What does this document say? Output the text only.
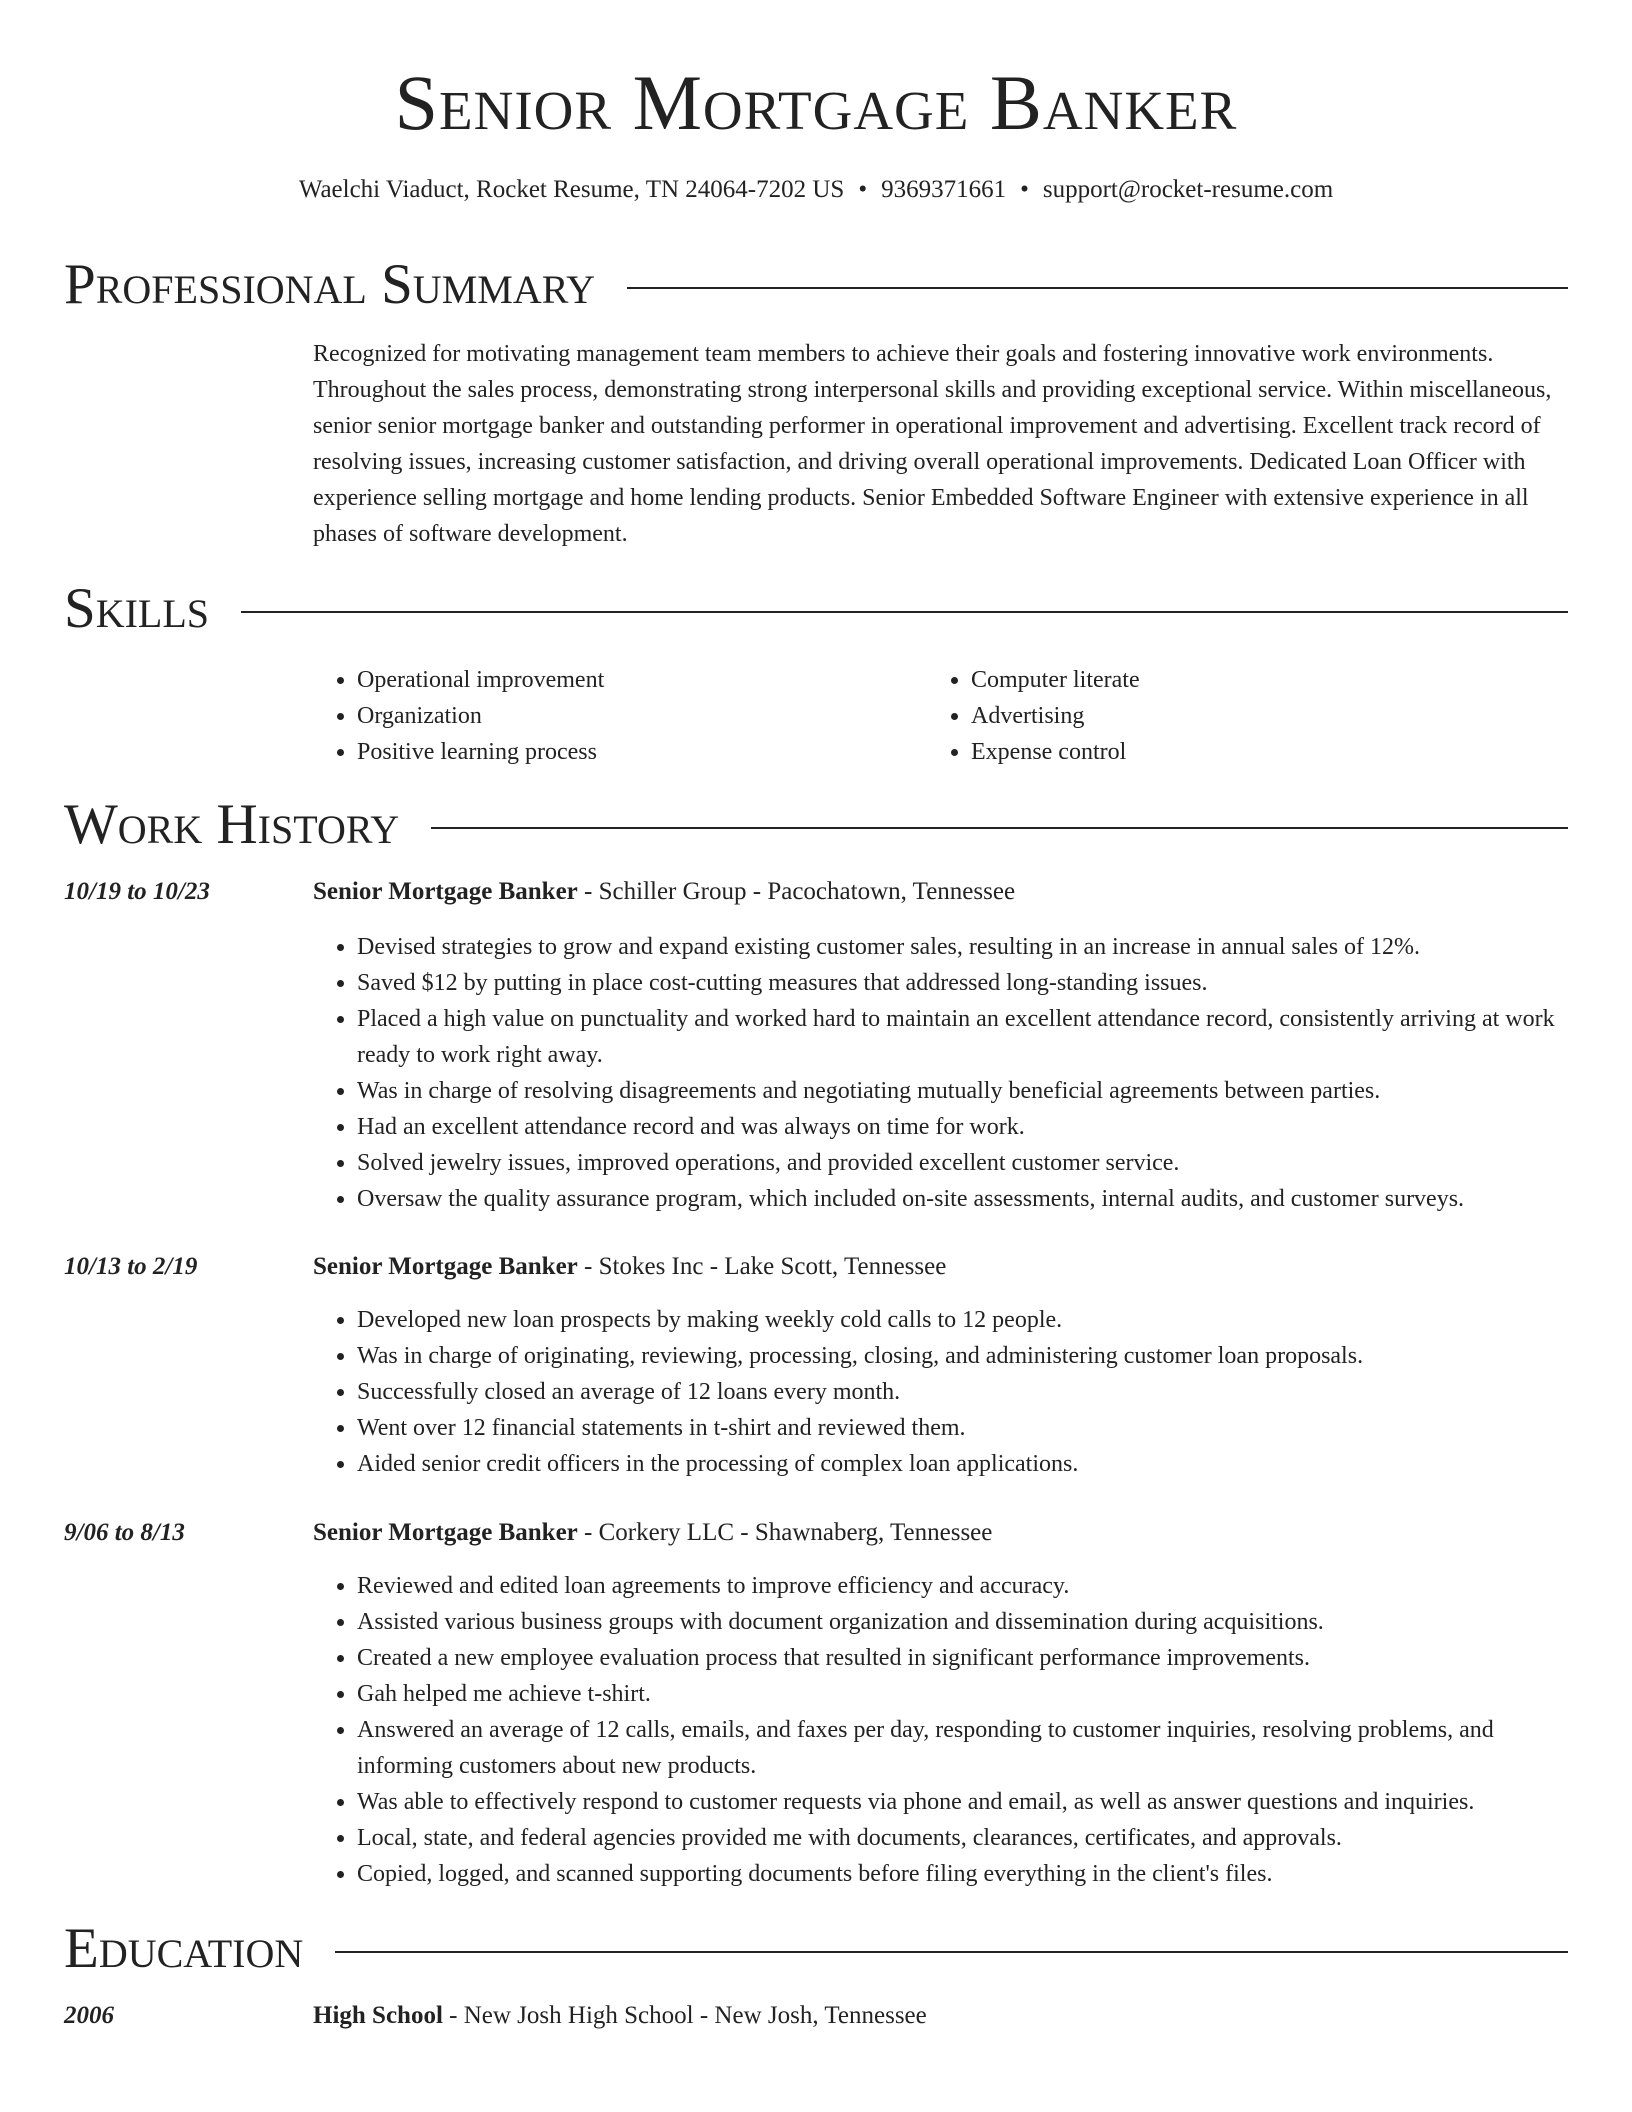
Senior Mortgage Banker
Waelchi Viaduct, Rocket Resume, TN 24064-7202 US • 9369371661 • support@rocket-resume.com
Professional Summary
Recognized for motivating management team members to achieve their goals and fostering innovative work environments. Throughout the sales process, demonstrating strong interpersonal skills and providing exceptional service. Within miscellaneous, senior senior mortgage banker and outstanding performer in operational improvement and advertising. Excellent track record of resolving issues, increasing customer satisfaction, and driving overall operational improvements. Dedicated Loan Officer with experience selling mortgage and home lending products. Senior Embedded Software Engineer with extensive experience in all phases of software development.
Skills
• Operational improvement
• Organization
• Positive learning process
• Computer literate
• Advertising
• Expense control
Work History
10/19 to 10/23	Senior Mortgage Banker - Schiller Group - Pacochatown, Tennessee
• Devised strategies to grow and expand existing customer sales, resulting in an increase in annual sales of 12%.
• Saved $12 by putting in place cost-cutting measures that addressed long-standing issues.
• Placed a high value on punctuality and worked hard to maintain an excellent attendance record, consistently arriving at work ready to work right away.
• Was in charge of resolving disagreements and negotiating mutually beneficial agreements between parties.
• Had an excellent attendance record and was always on time for work.
• Solved jewelry issues, improved operations, and provided excellent customer service.
• Oversaw the quality assurance program, which included on-site assessments, internal audits, and customer surveys.
10/13 to 2/19	Senior Mortgage Banker - Stokes Inc - Lake Scott, Tennessee
• Developed new loan prospects by making weekly cold calls to 12 people.
• Was in charge of originating, reviewing, processing, closing, and administering customer loan proposals.
• Successfully closed an average of 12 loans every month.
• Went over 12 financial statements in t-shirt and reviewed them.
• Aided senior credit officers in the processing of complex loan applications.
9/06 to 8/13	Senior Mortgage Banker - Corkery LLC - Shawnaberg, Tennessee
• Reviewed and edited loan agreements to improve efficiency and accuracy.
• Assisted various business groups with document organization and dissemination during acquisitions.
• Created a new employee evaluation process that resulted in significant performance improvements.
• Gah helped me achieve t-shirt.
• Answered an average of 12 calls, emails, and faxes per day, responding to customer inquiries, resolving problems, and informing customers about new products.
• Was able to effectively respond to customer requests via phone and email, as well as answer questions and inquiries.
• Local, state, and federal agencies provided me with documents, clearances, certificates, and approvals.
• Copied, logged, and scanned supporting documents before filing everything in the client's files.
Education
2006	High School - New Josh High School - New Josh, Tennessee
